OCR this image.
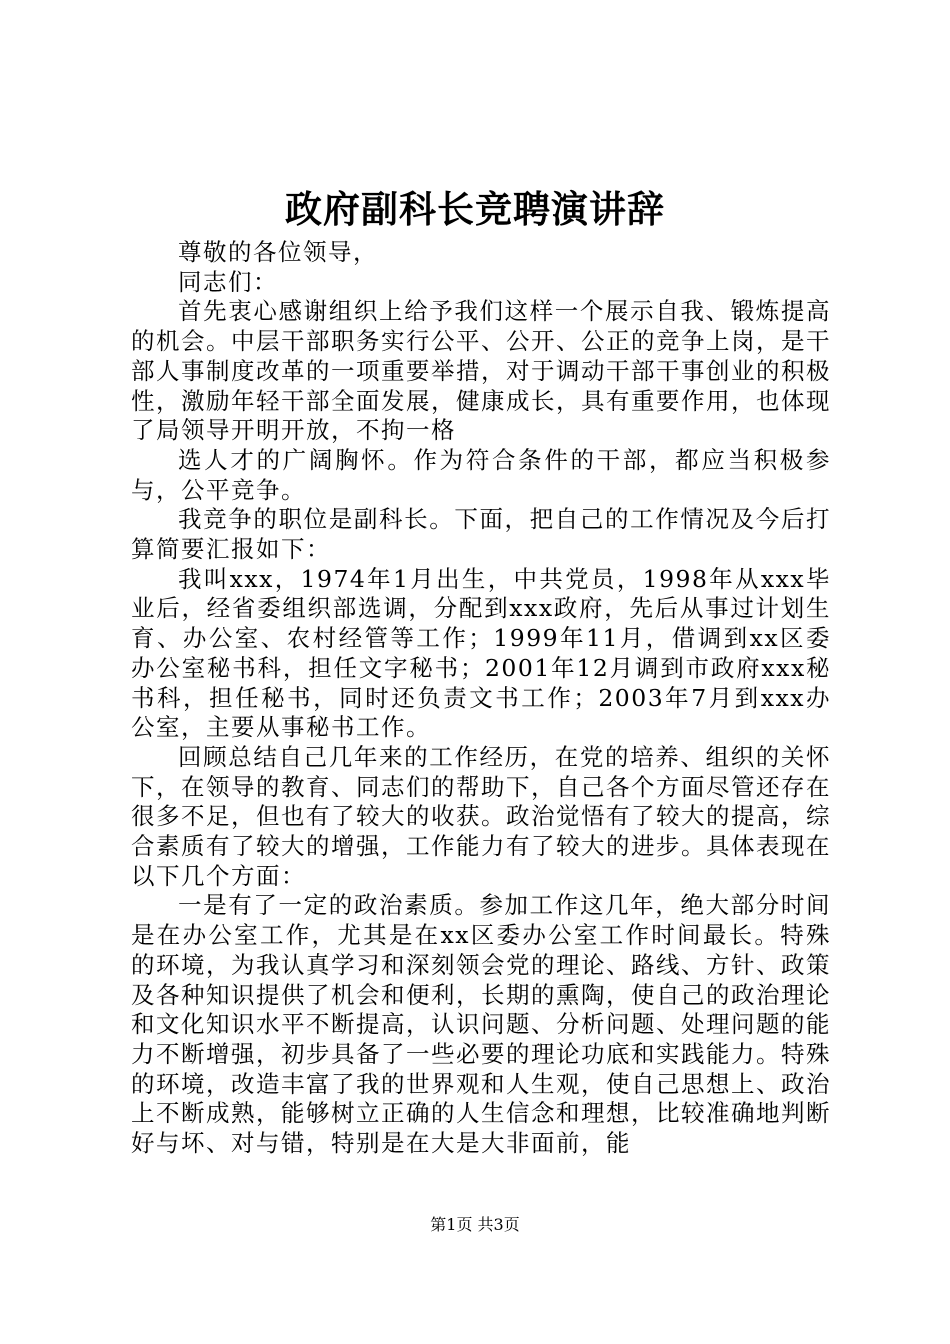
政府副科长竞聘演讲辞

尊敬的各位领导，

同志们：

首先衷心感谢组织上给予我们这样一个展示自我、锻炼提高的机会。中层干部职务实行公平、公开、公正的竞争上岗，是干部人事制度改革的一项重要举措，对于调动干部干事创业的积极性，激励年轻干部全面发展，健康成长，具有重要作用，也体现了局领导开明开放，不拘一格

选人才的广阔胸怀。作为符合条件的干部，都应当积极参与，公平竞争。

我竞争的职位是副科长。下面，把自己的工作情况及今后打算简要汇报如下：

我叫xxx，1974年1月出生，中共党员，1998年从xxx毕业后，经省委组织部选调，分配到xxx政府，先后从事过计划生育、办公室、农村经管等工作；1999年11月，借调到xx区委办公室秘书科，担任文字秘书；2001年12月调到市政府xxx秘书科，担任秘书，同时还负责文书工作；2003年7月到xxx办公室，主要从事秘书工作。

回顾总结自己几年来的工作经历，在党的培养、组织的关怀下，在领导的教育、同志们的帮助下，自己各个方面尽管还存在很多不足，但也有了较大的收获。政治觉悟有了较大的提高，综合素质有了较大的增强，工作能力有了较大的进步。具体表现在以下几个方面：

一是有了一定的政治素质。参加工作这几年，绝大部分时间是在办公室工作，尤其是在xx区委办公室工作时间最长。特殊的环境，为我认真学习和深刻领会党的理论、路线、方针、政策及各种知识提供了机会和便利，长期的熏陶，使自己的政治理论和文化知识水平不断提高，认识问题、分析问题、处理问题的能力不断增强，初步具备了一些必要的理论功底和实践能力。特殊的环境，改造丰富了我的世界观和人生观，使自己思想上、政治上不断成熟，能够树立正确的人生信念和理想，比较准确地判断好与坏、对与错，特别是在大是大非面前，能

第1页 共3页
